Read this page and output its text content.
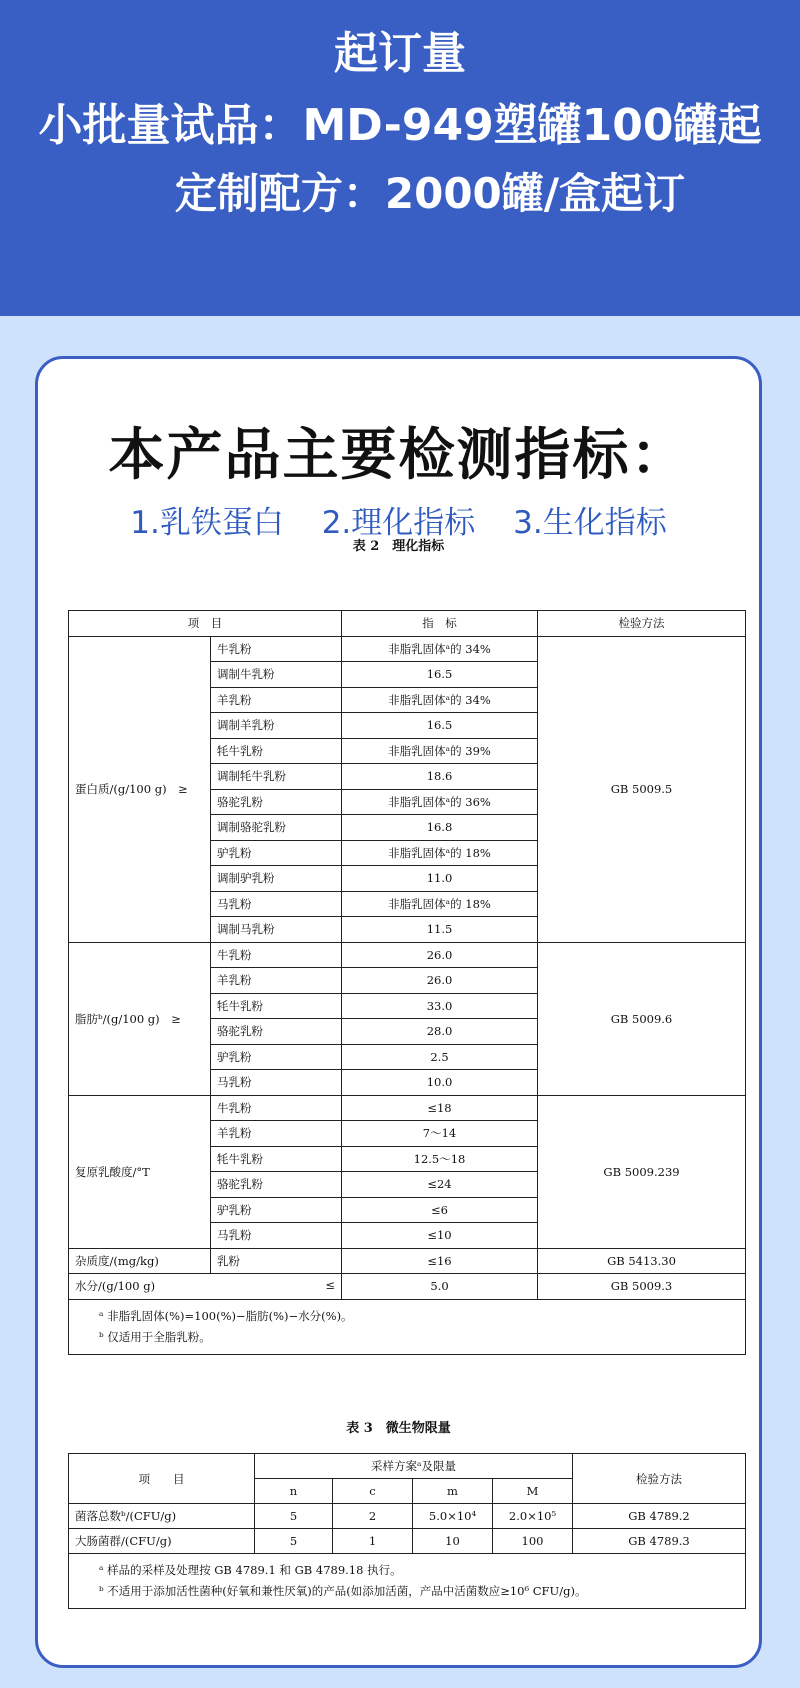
起订量
小批量试品：MD-949塑罐100罐起
定制配方：2000罐/盒起订
本产品主要检测指标：
1.乳铁蛋白 2.理化指标 3.生化指标
表 2　理化指标
项　目		指　标	检验方法
蛋白质/(g/100 g)　≥	牛乳粉	非脂乳固体ᵃ的 34%	GB 5009.5
	调制牛乳粉	16.5	
	羊乳粉	非脂乳固体ᵃ的 34%	
	调制羊乳粉	16.5	
	牦牛乳粉	非脂乳固体ᵃ的 39%	
	调制牦牛乳粉	18.6	
	骆驼乳粉	非脂乳固体ᵃ的 36%	
	调制骆驼乳粉	16.8	
	驴乳粉	非脂乳固体ᵃ的 18%	
	调制驴乳粉	11.0	
	马乳粉	非脂乳固体ᵃ的 18%	
	调制马乳粉	11.5	
脂肪ᵇ/(g/100 g)　≥	牛乳粉	26.0	GB 5009.6
	羊乳粉	26.0	
	牦牛乳粉	33.0	
	骆驼乳粉	28.0	
	驴乳粉	2.5	
	马乳粉	10.0	
复原乳酸度/°T	牛乳粉	≤18	GB 5009.239
	羊乳粉	7～14	
	牦牛乳粉	12.5～18	
	骆驼乳粉	≤24	
	驴乳粉	≤6	
	马乳粉	≤10	
杂质度/(mg/kg)	乳粉	≤16	GB 5413.30
水分/(g/100 g) ≤		5.0	GB 5009.3

ᵃ 非脂乳固体(%)=100(%)−脂肪(%)−水分(%)。
ᵇ 仅适用于全脂乳粉。			
表 3　微生物限量
项　　目	采样方案ᵃ及限量				检验方法
	n	c	m	M	
菌落总数ᵇ/(CFU/g)	5	2	5.0×10⁴	2.0×10⁵	GB 4789.2
大肠菌群/(CFU/g)	5	1	10	100	GB 4789.3

ᵃ 样品的采样及处理按 GB 4789.1 和 GB 4789.18 执行。
ᵇ 不适用于添加活性菌种(好氧和兼性厌氧)的产品(如添加活菌，产品中活菌数应≥10⁶ CFU/g)。					
